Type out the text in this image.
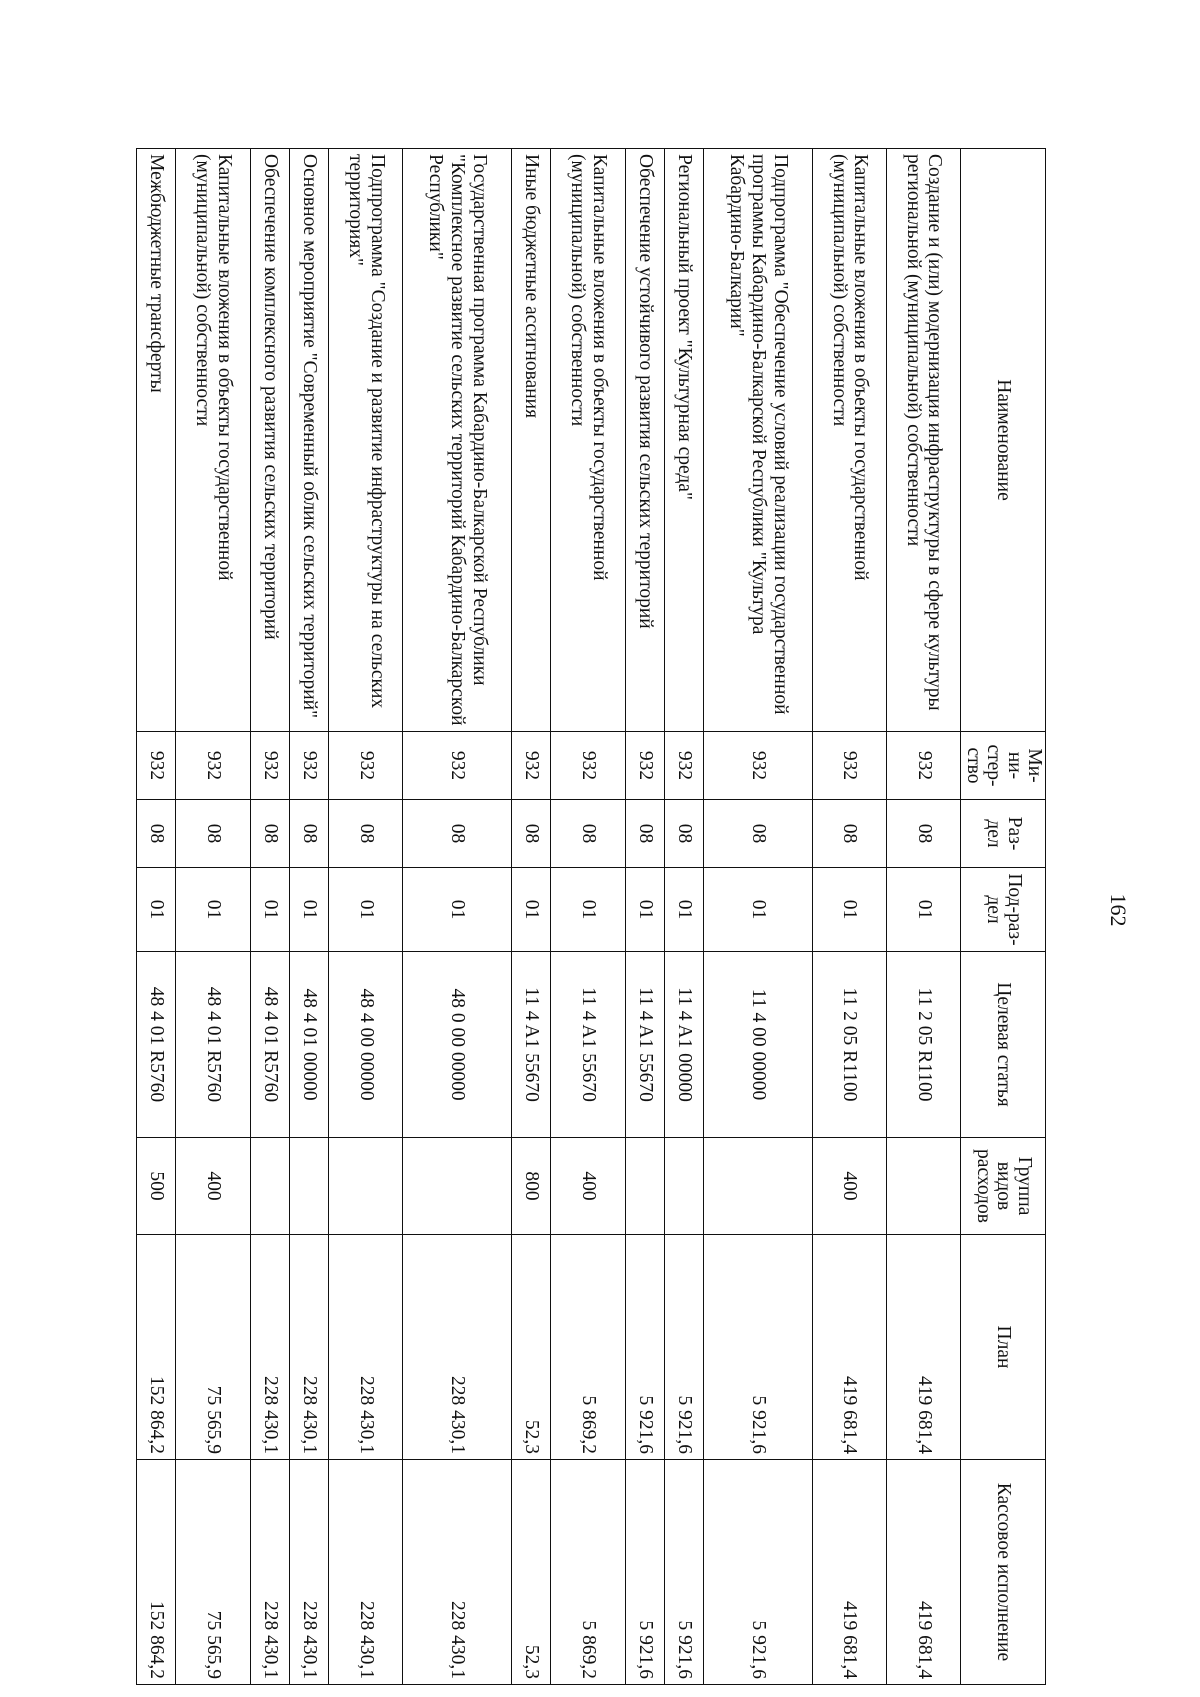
162
Наименование	Ми-ни-стер-ство	Раз-дел	Под-раз-дел	Целевая статья	Группа видов расходов	План	Кассовое исполнение
Создание и (или) модернизация инфраструктуры в сфере культуры региональной (муниципальной) собственности	932	08	01	11 2 05 R1100		419 681,4	419 681,4
Капитальные вложения в объекты государственной (муниципальной) собственности	932	08	01	11 2 05 R1100	400	419 681,4	419 681,4
Подпрограмма "Обеспечение условий реализации государственной программы Кабардино-Балкарской Республики "Культура Кабардино-Балкарии"	932	08	01	11 4 00 00000		5 921,6	5 921,6
Региональный проект "Культурная среда"	932	08	01	11 4 A1 00000		5 921,6	5 921,6
Обеспечение устойчивого развития сельских территорий	932	08	01	11 4 A1 55670		5 921,6	5 921,6
Капитальные вложения в объекты государственной (муниципальной) собственности	932	08	01	11 4 A1 55670	400	5 869,2	5 869,2
Иные бюджетные ассигнования	932	08	01	11 4 A1 55670	800	52,3	52,3
Государственная программа Кабардино-Балкарской Республики "Комплексное развитие сельских территорий Кабардино-Балкарской Республики"	932	08	01	48 0 00 00000		228 430,1	228 430,1
Подпрограмма "Создание и развитие инфраструктуры на сельских территориях"	932	08	01	48 4 00 00000		228 430,1	228 430,1
Основное мероприятие "Современный облик сельских территорий"	932	08	01	48 4 01 00000		228 430,1	228 430,1
Обеспечение комплексного развития сельских территорий	932	08	01	48 4 01 R5760		228 430,1	228 430,1
Капитальные вложения в объекты государственной (муниципальной) собственности	932	08	01	48 4 01 R5760	400	75 565,9	75 565,9
Межбюджетные трансферты	932	08	01	48 4 01 R5760	500	152 864,2	152 864,2
